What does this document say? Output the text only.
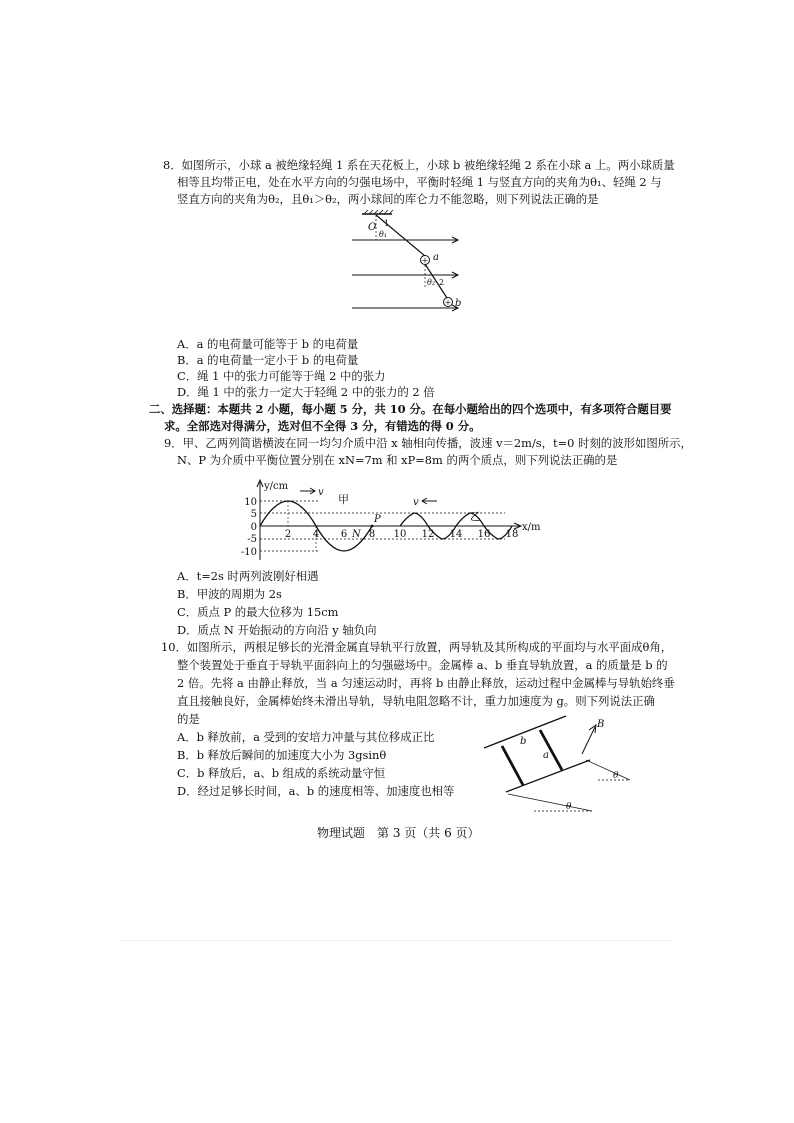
8．如图所示，小球 a 被绝缘轻绳 1 系在天花板上，小球 b 被绝缘轻绳 2 系在小球 a 上。两小球质量
相等且均带正电，处在水平方向的匀强电场中，平衡时轻绳 1 与竖直方向的夹角为θ₁、轻绳 2 与
竖直方向的夹角为θ₂，且θ₁＞θ₂，两小球间的库仑力不能忽略，则下列说法正确的是
+
+
O
θ₁
1
a
θ₂ 2
b
A．a 的电荷量可能等于 b 的电荷量
B．a 的电荷量一定小于 b 的电荷量
C．绳 1 中的张力可能等于绳 2 中的张力
D．绳 1 中的张力一定大于轻绳 2 中的张力的 2 倍
二、选择题：本题共 2 小题，每小题 5 分，共 10 分。在每小题给出的四个选项中，有多项符合题目要
求。全部选对得满分，选对但不全得 3 分，有错选的得 0 分。
9．甲、乙两列简谐横波在同一均匀介质中沿 x 轴相向传播，波速 v＝2m/s，t=0 时刻的波形如图所示，
N、P 为介质中平衡位置分别在 xN=7m 和 xP=8m 的两个质点，则下列说法正确的是
y/cm
x/m
10
5
0
-5
-10
2 4 6 8 10 12 14 16 18
v
甲	v
乙
N
P
A．t=2s 时两列波刚好相遇
B．甲波的周期为 2s
C．质点 P 的最大位移为 15cm
D．质点 N 开始振动的方向沿 y 轴负向
10．如图所示，两根足够长的光滑金属直导轨平行放置，两导轨及其所构成的平面均与水平面成θ角，
整个装置处于垂直于导轨平面斜向上的匀强磁场中。金属棒 a、b 垂直导轨放置，a 的质量是 b 的
2 倍。先将 a 由静止释放，当 a 匀速运动时，再将 b 由静止释放，运动过程中金属棒与导轨始终垂
直且接触良好，金属棒始终未滑出导轨，导轨电阻忽略不计，重力加速度为 g。则下列说法正确
的是
A．b 释放前，a 受到的安培力冲量与其位移成正比
B．b 释放后瞬间的加速度大小为 3gsinθ
C．b 释放后，a、b 组成的系统动量守恒
D．经过足够长时间，a、b 的速度相等、加速度也相等
b
a
B
θ
θ
物理试题　第 3 页（共 6 页）
